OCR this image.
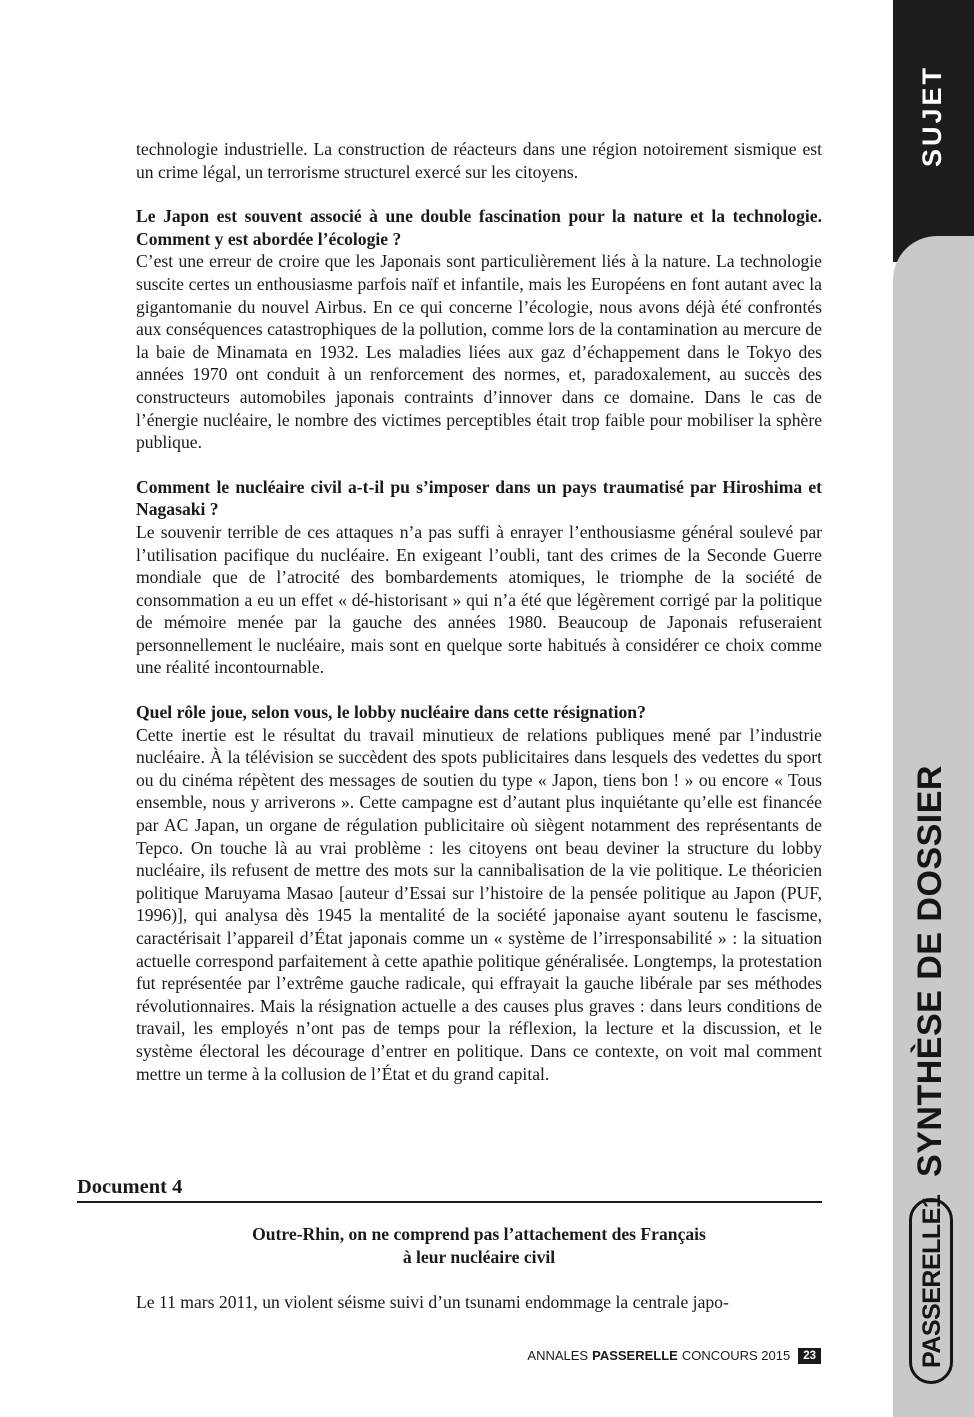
SUJET
SYNTHÈSE DE DOSSIER
PASSERELLE1

technologie industrielle. La construction de réacteurs dans une région notoirement sismique est un crime légal, un terrorisme structurel exercé sur les citoyens.

Le Japon est souvent associé à une double fascination pour la nature et la technologie. Comment y est abordée l’écologie ?

C’est une erreur de croire que les Japonais sont particulièrement liés à la nature. La technologie suscite certes un enthousiasme parfois naïf et infantile, mais les Européens en font autant avec la gigantomanie du nouvel Airbus. En ce qui concerne l’écologie, nous avons déjà été confrontés aux conséquences catastrophiques de la pollution, comme lors de la contamination au mercure de la baie de Minamata en 1932. Les maladies liées aux gaz d’échappement dans le Tokyo des années 1970 ont conduit à un renforcement des normes, et, paradoxalement, au succès des constructeurs automobiles japonais contraints d’innover dans ce domaine. Dans le cas de l’énergie nucléaire, le nombre des victimes perceptibles était trop faible pour mobiliser la sphère publique.

Comment le nucléaire civil a-t-il pu s’imposer dans un pays traumatisé par Hiroshima et Nagasaki ?

Le souvenir terrible de ces attaques n’a pas suffi à enrayer l’enthousiasme général soulevé par l’utilisation pacifique du nucléaire. En exigeant l’oubli, tant des crimes de la Seconde Guerre mondiale que de l’atrocité des bombardements atomiques, le triomphe de la société de consommation a eu un effet « dé-historisant » qui n’a été que légèrement corrigé par la politique de mémoire menée par la gauche des années 1980. Beaucoup de Japonais refuseraient personnellement le nucléaire, mais sont en quelque sorte habitués à considérer ce choix comme une réalité incontournable.

Quel rôle joue, selon vous, le lobby nucléaire dans cette résignation?

Cette inertie est le résultat du travail minutieux de relations publiques mené par l’industrie nucléaire. À la télévision se succèdent des spots publicitaires dans lesquels des vedettes du sport ou du cinéma répètent des messages de soutien du type « Japon, tiens bon ! » ou encore « Tous ensemble, nous y arriverons ». Cette campagne est d’autant plus inquiétante qu’elle est financée par AC Japan, un organe de régulation publicitaire où siègent notamment des représentants de Tepco. On touche là au vrai problème : les citoyens ont beau deviner la structure du lobby nucléaire, ils refusent de mettre des mots sur la cannibalisation de la vie politique. Le théoricien politique Maruyama Masao [auteur d’Essai sur l’histoire de la pensée politique au Japon (PUF, 1996)], qui analysa dès 1945 la mentalité de la société japonaise ayant soutenu le fascisme, caractérisait l’appareil d’État japonais comme un « système de l’irresponsabilité » : la situation actuelle correspond parfaitement à cette apathie politique généralisée. Longtemps, la protestation fut représentée par l’extrême gauche radicale, qui effrayait la gauche libérale par ses méthodes révolutionnaires. Mais la résignation actuelle a des causes plus graves : dans leurs conditions de travail, les employés n’ont pas de temps pour la réflexion, la lecture et la discussion, et le système électoral les décourage d’entrer en politique. Dans ce contexte, on voit mal comment mettre un terme à la collusion de l’État et du grand capital.

Document 4
Outre-Rhin, on ne comprend pas l’attachement des Français
à leur nucléaire civil

Le 11 mars 2011, un violent séisme suivi d’un tsunami endommage la centrale japo-

ANNALES PASSERELLE CONCOURS 2015	23
